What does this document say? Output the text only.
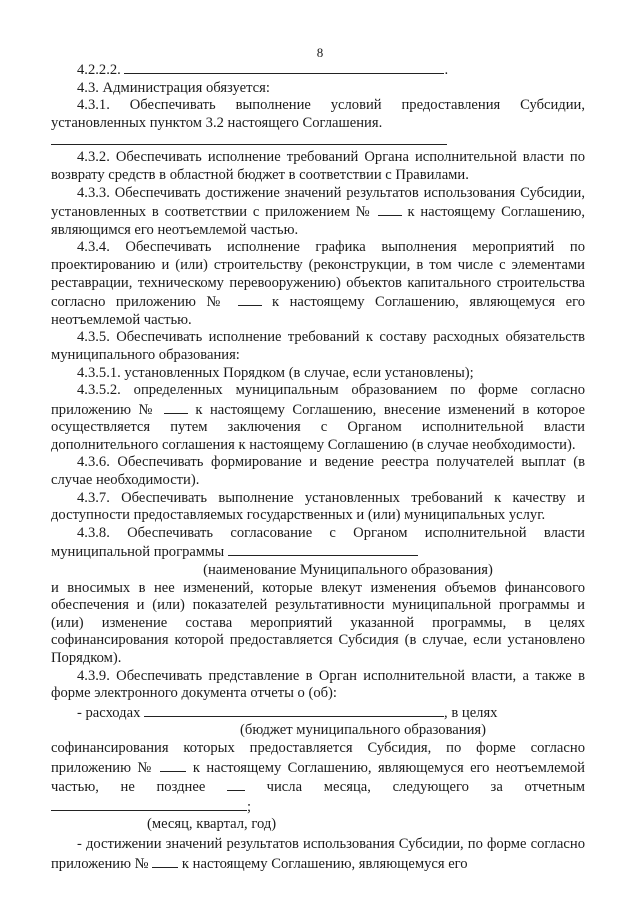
8

4.2.2.2.	.

4.3. Администрация обязуется:

4.3.1. Обеспечивать выполнение условий предоставления Субсидии, установленных пунктом 3.2 настоящего Соглашения.

4.3.2. Обеспечивать исполнение требований Органа исполнительной власти по возврату средств в областной бюджет в соответствии с Правилами.

4.3.3. Обеспечивать достижение значений результатов использования Субсидии, установленных в соответствии с приложением № к настоящему Соглашению, являющимся его неотъемлемой частью.

4.3.4. Обеспечивать исполнение графика выполнения мероприятий по проектированию и (или) строительству (реконструкции, в том числе с элементами реставрации, техническому перевооружению) объектов капитального строительства согласно приложению №	к настоящему Соглашению, являющемуся его неотъемлемой частью.

4.3.5. Обеспечивать исполнение требований к составу расходных обязательств муниципального образования:

4.3.5.1. установленных Порядком (в случае, если установлены);

4.3.5.2. определенных муниципальным образованием по форме согласно приложению №	к настоящему Соглашению, внесение изменений в которое осуществляется путем заключения с Органом исполнительной власти дополнительного соглашения к настоящему Соглашению (в случае необходимости).

4.3.6. Обеспечивать формирование и ведение реестра получателей выплат (в случае необходимости).

4.3.7. Обеспечивать выполнение установленных требований к качеству и доступности предоставляемых государственных и (или) муниципальных услуг.

4.3.8. Обеспечивать согласование с Органом исполнительной власти муниципальной программы

(наименование Муниципального образования)

и вносимых в нее изменений, которые влекут изменения объемов финансового обеспечения и (или) показателей результативности муниципальной программы и (или) изменение состава мероприятий указанной программы, в целях софинансирования которой предоставляется Субсидия (в случае, если установлено Порядком).

4.3.9. Обеспечивать представление в Орган исполнительной власти, а также в форме электронного документа отчеты о (об):

- расходах	, в целях

(бюджет муниципального образования)

софинансирования которых предоставляется Субсидия, по форме согласно приложению №	к настоящему Соглашению, являющемуся его неотъемлемой частью, не позднее	числа месяца, следующего за отчетным ;

(месяц, квартал, год)

- достижении значений результатов использования Субсидии, по форме согласно приложению № к настоящему Соглашению, являющемуся его
